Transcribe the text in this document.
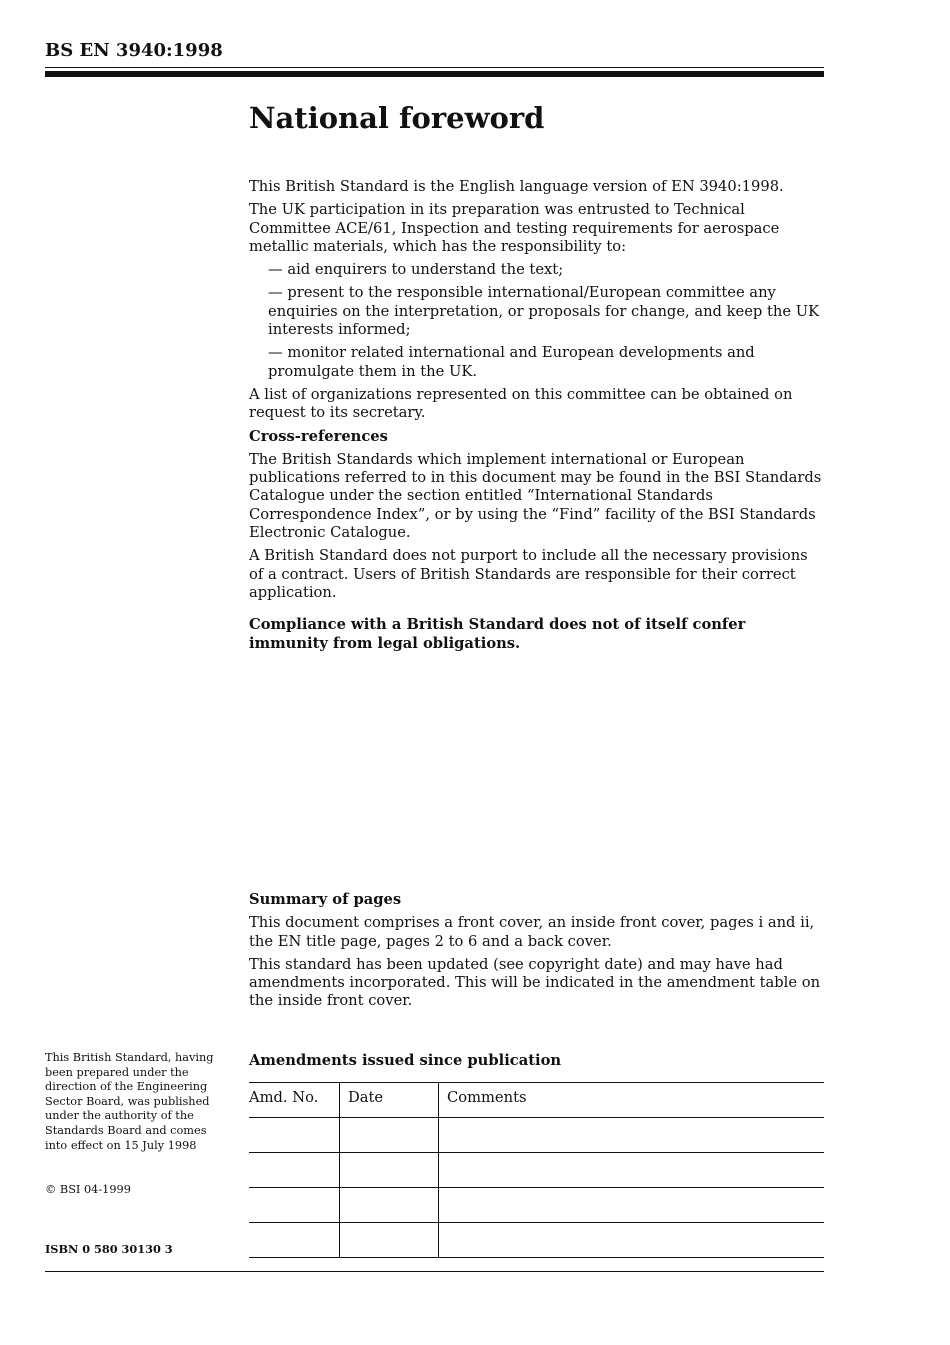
BS EN 3940:1998
National foreword

This British Standard is the English language version of EN 3940:1998.

The UK participation in its preparation was entrusted to Technical Committee ACE/61, Inspection and testing requirements for aerospace metallic materials, which has the responsibility to:

— aid enquirers to understand the text;

— present to the responsible international/European committee any enquiries on the interpretation, or proposals for change, and keep the UK interests informed;

— monitor related international and European developments and promulgate them in the UK.

A list of organizations represented on this committee can be obtained on request to its secretary.

Cross-references

The British Standards which implement international or European publications referred to in this document may be found in the BSI Standards Catalogue under the section entitled “International Standards Correspondence Index”, or by using the “Find” facility of the BSI Standards Electronic Catalogue.

A British Standard does not purport to include all the necessary provisions of a contract. Users of British Standards are responsible for their correct application.

Compliance with a British Standard does not of itself confer immunity from legal obligations.

Summary of pages

This document comprises a front cover, an inside front cover, pages i and ii, the EN title page, pages 2 to 6 and a back cover.

This standard has been updated (see copyright date) and may have had amendments incorporated. This will be indicated in the amendment table on the inside front cover.

This British Standard, having been prepared under the direction of the Engineering Sector Board, was published under the authority of the Standards Board and comes into effect on 15 July 1998
© BSI 04-1999
ISBN 0 580 30130 3
Amendments issued since publication
Amd. No.	Date	Comments
